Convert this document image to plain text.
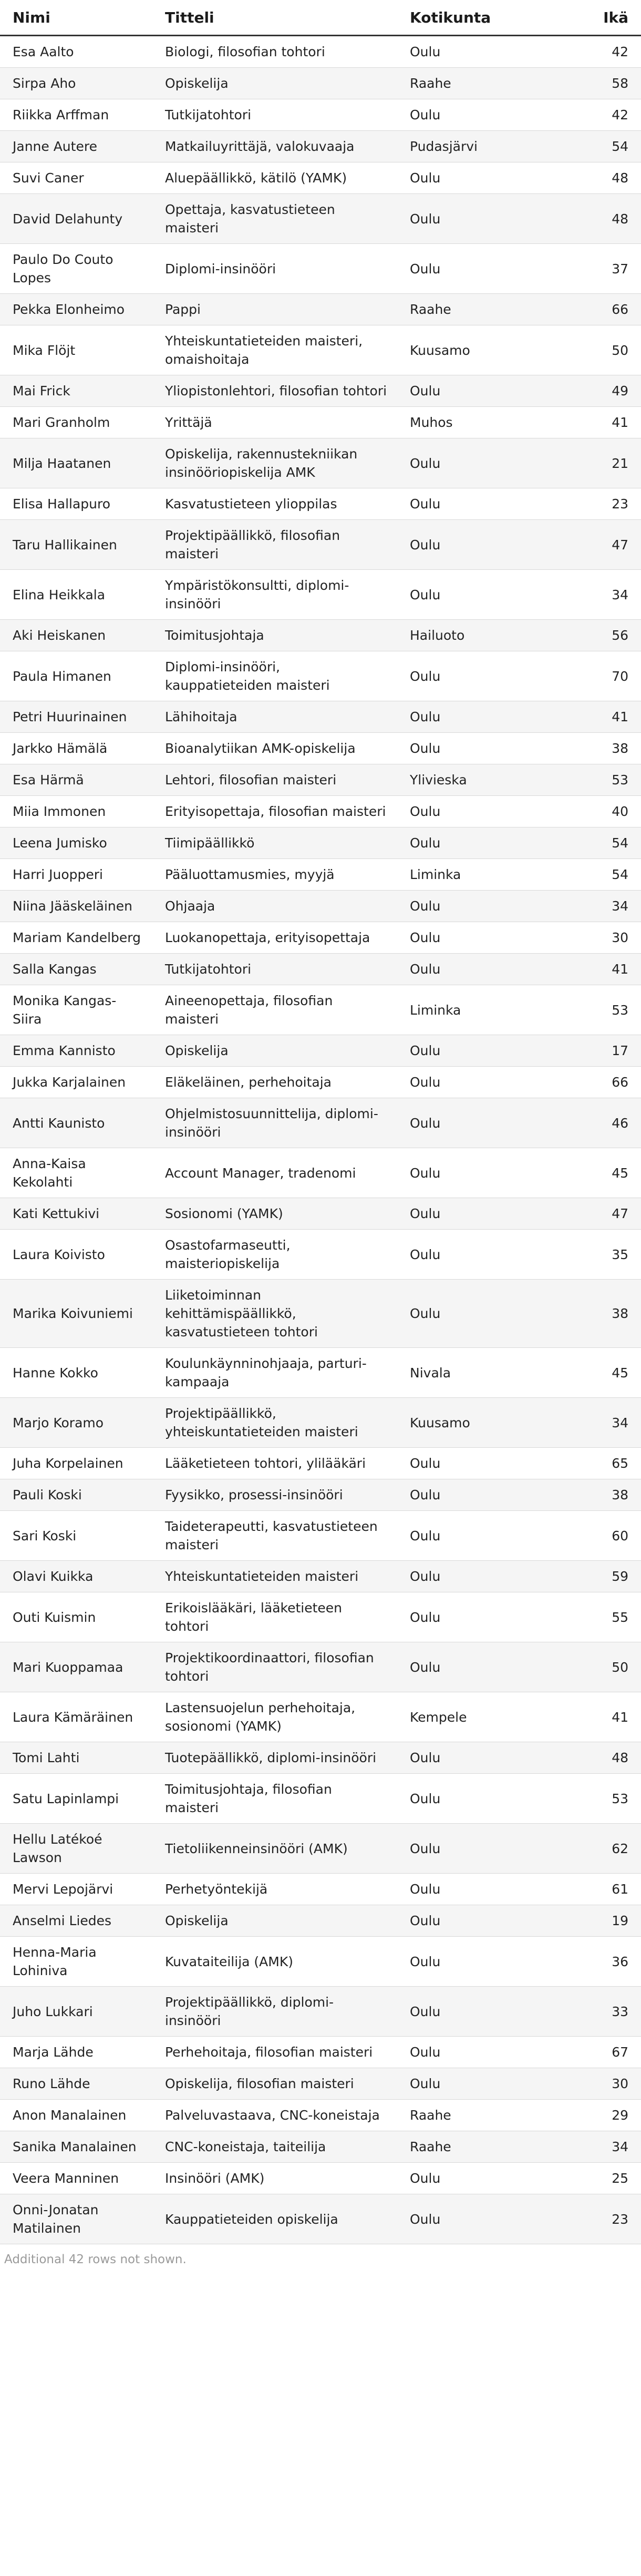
Nimi	Titteli	Kotikunta	Ikä
Esa Aalto	Biologi, filosofian tohtori	Oulu	42
Sirpa Aho	Opiskelija	Raahe	58
Riikka Arffman	Tutkijatohtori	Oulu	42
Janne Autere	Matkailuyrittäjä, valokuvaaja	Pudasjärvi	54
Suvi Caner	Aluepäällikkö, kätilö (YAMK)	Oulu	48
David Delahunty	Opettaja, kasvatustieteen maisteri	Oulu	48
Paulo Do Couto Lopes	Diplomi-insinööri	Oulu	37
Pekka Elonheimo	Pappi	Raahe	66
Mika Flöjt	Yhteiskuntatieteiden maisteri, omaishoitaja	Kuusamo	50
Mai Frick	Yliopistonlehtori, filosofian tohtori	Oulu	49
Mari Granholm	Yrittäjä	Muhos	41
Milja Haatanen	Opiskelija, rakennustekniikan insinööriopiskelija AMK	Oulu	21
Elisa Hallapuro	Kasvatustieteen ylioppilas	Oulu	23
Taru Hallikainen	Projektipäällikkö, filosofian maisteri	Oulu	47
Elina Heikkala	Ympäristökonsultti, diplomi-insinööri	Oulu	34
Aki Heiskanen	Toimitusjohtaja	Hailuoto	56
Paula Himanen	Diplomi-insinööri, kauppatieteiden maisteri	Oulu	70
Petri Huurinainen	Lähihoitaja	Oulu	41
Jarkko Hämälä	Bioanalytiikan AMK-opiskelija	Oulu	38
Esa Härmä	Lehtori, filosofian maisteri	Ylivieska	53
Miia Immonen	Erityisopettaja, filosofian maisteri	Oulu	40
Leena Jumisko	Tiimipäällikkö	Oulu	54
Harri Juopperi	Pääluottamusmies, myyjä	Liminka	54
Niina Jääskeläinen	Ohjaaja	Oulu	34
Mariam Kandelberg	Luokanopettaja, erityisopettaja	Oulu	30
Salla Kangas	Tutkijatohtori	Oulu	41
Monika Kangas-Siira	Aineenopettaja, filosofian maisteri	Liminka	53
Emma Kannisto	Opiskelija	Oulu	17
Jukka Karjalainen	Eläkeläinen, perhehoitaja	Oulu	66
Antti Kaunisto	Ohjelmistosuunnittelija, diplomi-insinööri	Oulu	46
Anna-Kaisa Kekolahti	Account Manager, tradenomi	Oulu	45
Kati Kettukivi	Sosionomi (YAMK)	Oulu	47
Laura Koivisto	Osastofarmaseutti, maisteriopiskelija	Oulu	35
Marika Koivuniemi	Liiketoiminnan kehittämispäällikkö, kasvatustieteen tohtori	Oulu	38
Hanne Kokko	Koulunkäynninohjaaja, parturi-kampaaja	Nivala	45
Marjo Koramo	Projektipäällikkö, yhteiskuntatieteiden maisteri	Kuusamo	34
Juha Korpelainen	Lääketieteen tohtori, ylilääkäri	Oulu	65
Pauli Koski	Fyysikko, prosessi-insinööri	Oulu	38
Sari Koski	Taideterapeutti, kasvatustieteen maisteri	Oulu	60
Olavi Kuikka	Yhteiskuntatieteiden maisteri	Oulu	59
Outi Kuismin	Erikoislääkäri, lääketieteen tohtori	Oulu	55
Mari Kuoppamaa	Projektikoordinaattori, filosofian tohtori	Oulu	50
Laura Kämäräinen	Lastensuojelun perhehoitaja, sosionomi (YAMK)	Kempele	41
Tomi Lahti	Tuotepäällikkö, diplomi-insinööri	Oulu	48
Satu Lapinlampi	Toimitusjohtaja, filosofian maisteri	Oulu	53
Hellu Latékoé Lawson	Tietoliikenneinsinööri (AMK)	Oulu	62
Mervi Lepojärvi	Perhetyöntekijä	Oulu	61
Anselmi Liedes	Opiskelija	Oulu	19
Henna-Maria Lohiniva	Kuvataiteilija (AMK)	Oulu	36
Juho Lukkari	Projektipäällikkö, diplomi-insinööri	Oulu	33
Marja Lähde	Perhehoitaja, filosofian maisteri	Oulu	67
Runo Lähde	Opiskelija, filosofian maisteri	Oulu	30
Anon Manalainen	Palveluvastaava, CNC-koneistaja	Raahe	29
Sanika Manalainen	CNC-koneistaja, taiteilija	Raahe	34
Veera Manninen	Insinööri (AMK)	Oulu	25
Onni-Jonatan Matilainen	Kauppatieteiden opiskelija	Oulu	23
Additional 42 rows not shown.
